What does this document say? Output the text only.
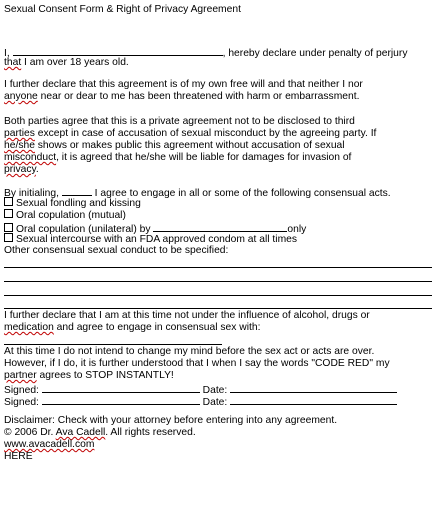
Sexual Consent Form & Right of Privacy Agreement
I,	, hereby declare under penalty of perjury
that I am over 18 years old.
I further declare that this agreement is of my own free will and that neither I nor
anyone near or dear to me has been threatened with harm or embarrassment.
Both parties agree that this is a private agreement not to be disclosed to third
parties except in case of accusation of sexual misconduct by the agreeing party. If
he/she shows or makes public this agreement without accusation of sexual
misconduct, it is agreed that he/she will be liable for damages for invasion of
privacy.
By initialing,	I agree to engage in all or some of the following consensual acts.
Sexual fondling and kissing
Oral copulation (mutual)
Oral copulation (unilateral) by	only
Sexual intercourse with an FDA approved condom at all times
Other consensual sexual conduct to be specified:
I further declare that I am at this time not under the influence of alcohol, drugs or
medication and agree to engage in consensual sex with:
At this time I do not intend to change my mind before the sex act or acts are over.
However, if I do, it is further understood that I when I say the words "CODE RED" my
partner agrees to STOP INSTANTLY!
Signed:	Date:
Signed:	Date:
Disclaimer: Check with your attorney before entering into any agreement.
© 2006 Dr. Ava Cadell. All rights reserved.
www.avacadell.com
HERE
